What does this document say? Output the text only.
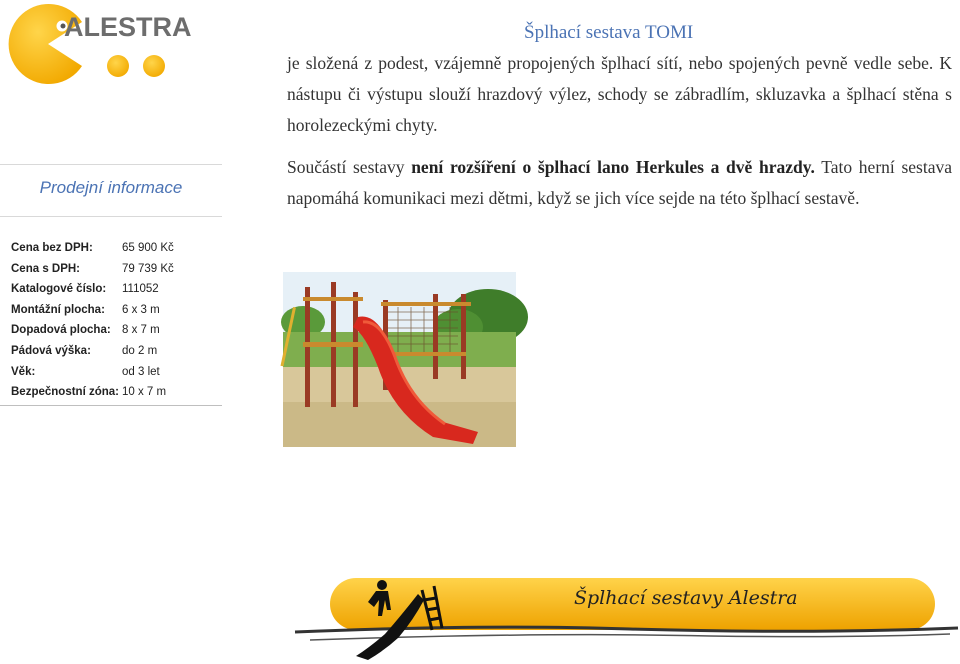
ALESTRA
Prodejní informace
Cena bez DPH:	65 900 Kč
Cena s DPH:	79 739 Kč
Katalogové číslo: 111052
Montážní plocha: 6 x 3 m
Dopadová plocha: 8 x 7 m
Pádová výška:	do 2 m
Věk:	od 3 let
Bezpečnostní zóna: 10 x 7 m
Šplhací sestava TOMI
je složená z podest, vzájemně propojených šplhací sítí, nebo spojených pevně vedle sebe. K nástupu či výstupu slouží hrazdový výlez, schody se zábradlím, skluzavka a šplhací stěna s horolezeckými chyty.
Součástí sestavy není rozšíření o šplhací lano Herkules a dvě hrazdy. Tato herní sestava napomáhá komunikaci mezi dětmi, když se jich více sejde na této šplhací sestavě.
Šplhací sestavy Alestra
